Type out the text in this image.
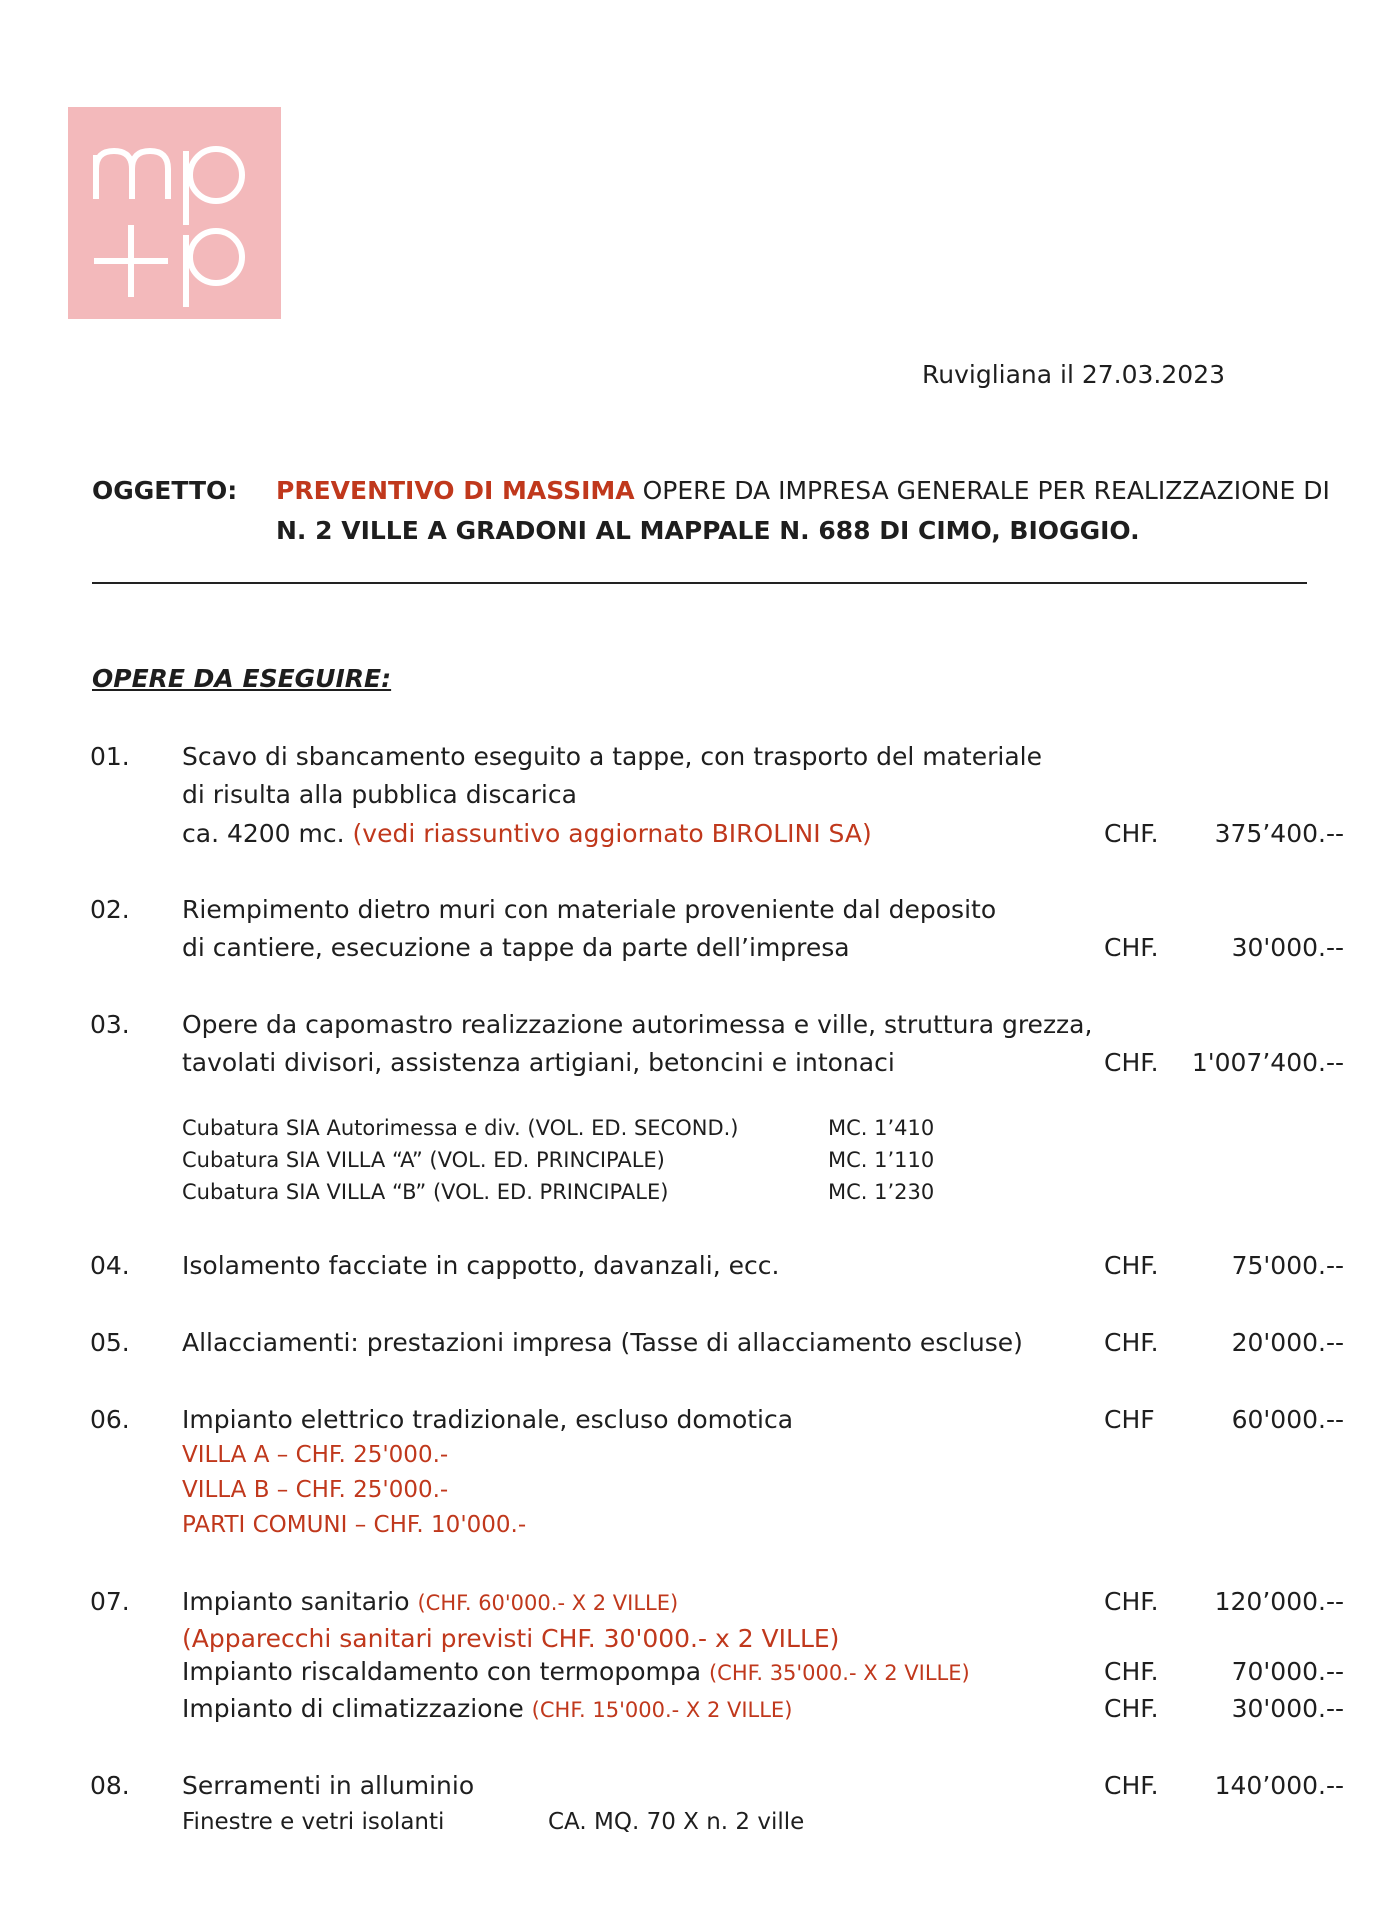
Ruvigliana il 27.03.2023
OGGETTO: PREVENTIVO DI MASSIMA OPERE DA IMPRESA GENERALE PER REALIZZAZIONE DI
N. 2 VILLE A GRADONI AL MAPPALE N. 688 DI CIMO, BIOGGIO.
OPERE DA ESEGUIRE:
01. Scavo di sbancamento eseguito a tappe, con trasporto del materiale
di risulta alla pubblica discarica
ca. 4200 mc. (vedi riassuntivo aggiornato BIROLINI SA)	CHF. 375’400.--
02. Riempimento dietro muri con materiale proveniente dal deposito
di cantiere, esecuzione a tappe da parte dell’impresa	CHF.	30'000.--
03. Opere da capomastro realizzazione autorimessa e ville, struttura grezza,
tavolati divisori, assistenza artigiani, betoncini e intonaci	CHF. 1'007’400.--
Cubatura SIA Autorimessa e div. (VOL. ED. SECOND.)	MC. 1’410
Cubatura SIA VILLA “A” (VOL. ED. PRINCIPALE)	MC. 1’110
Cubatura SIA VILLA “B” (VOL. ED. PRINCIPALE)	MC. 1’230
04. Isolamento facciate in cappotto, davanzali, ecc.	CHF.	75'000.--
05. Allacciamenti: prestazioni impresa (Tasse di allacciamento escluse)	CHF.	20'000.--
06. Impianto elettrico tradizionale, escluso domotica	CHF	60'000.--
VILLA A – CHF. 25'000.-
VILLA B – CHF. 25'000.-
PARTI COMUNI – CHF. 10'000.-
07. Impianto sanitario (CHF. 60'000.- X 2 VILLE)	CHF. 120’000.--
(Apparecchi sanitari previsti CHF. 30'000.- x 2 VILLE)
Impianto riscaldamento con termopompa (CHF. 35'000.- X 2 VILLE)	CHF.	70'000.--
Impianto di climatizzazione (CHF. 15'000.- X 2 VILLE)	CHF.	30'000.--
08. Serramenti in alluminio	CHF. 140’000.--
Finestre e vetri isolanti	CA. MQ. 70 X n. 2 ville
